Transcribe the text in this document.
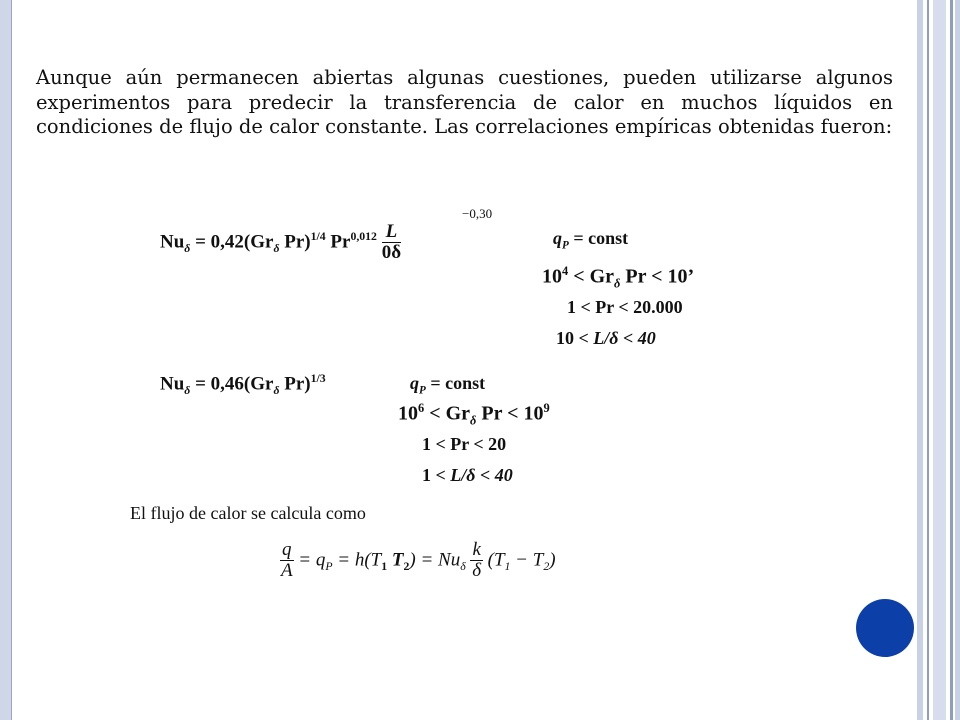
Aunque aún permanecen abiertas algunas cuestiones, pueden utilizarse algunos experimentos para predecir la transferencia de calor en muchos líquidos en condiciones de flujo de calor constante. Las correlaciones empíricas obtenidas fueron:

$Nu_\delta = 0,42(Gr_\delta$ Pr)$^{1/4}$ $Pr^{0,012} \frac{L}{0\delta}$
−0,30
$q_P$ = const
$10^4 < Gr_\delta$ Pr < 10’
1 < Pr < 20.000
10 < L/δ < 40
$Nu_\delta = 0,46(Gr_\delta$ Pr)$^{1/3}$	$q_P$ = const
$10^6 < Gr_\delta$ $Pr < 10^9$
1 < Pr < 20
1 < L/δ < 40
El flujo de calor se calcula como
$\frac{q}{A} = q_P = h(T_1$ $T_2) = Nu_\delta \frac{k}{\delta} (T_1 - T_2)$
